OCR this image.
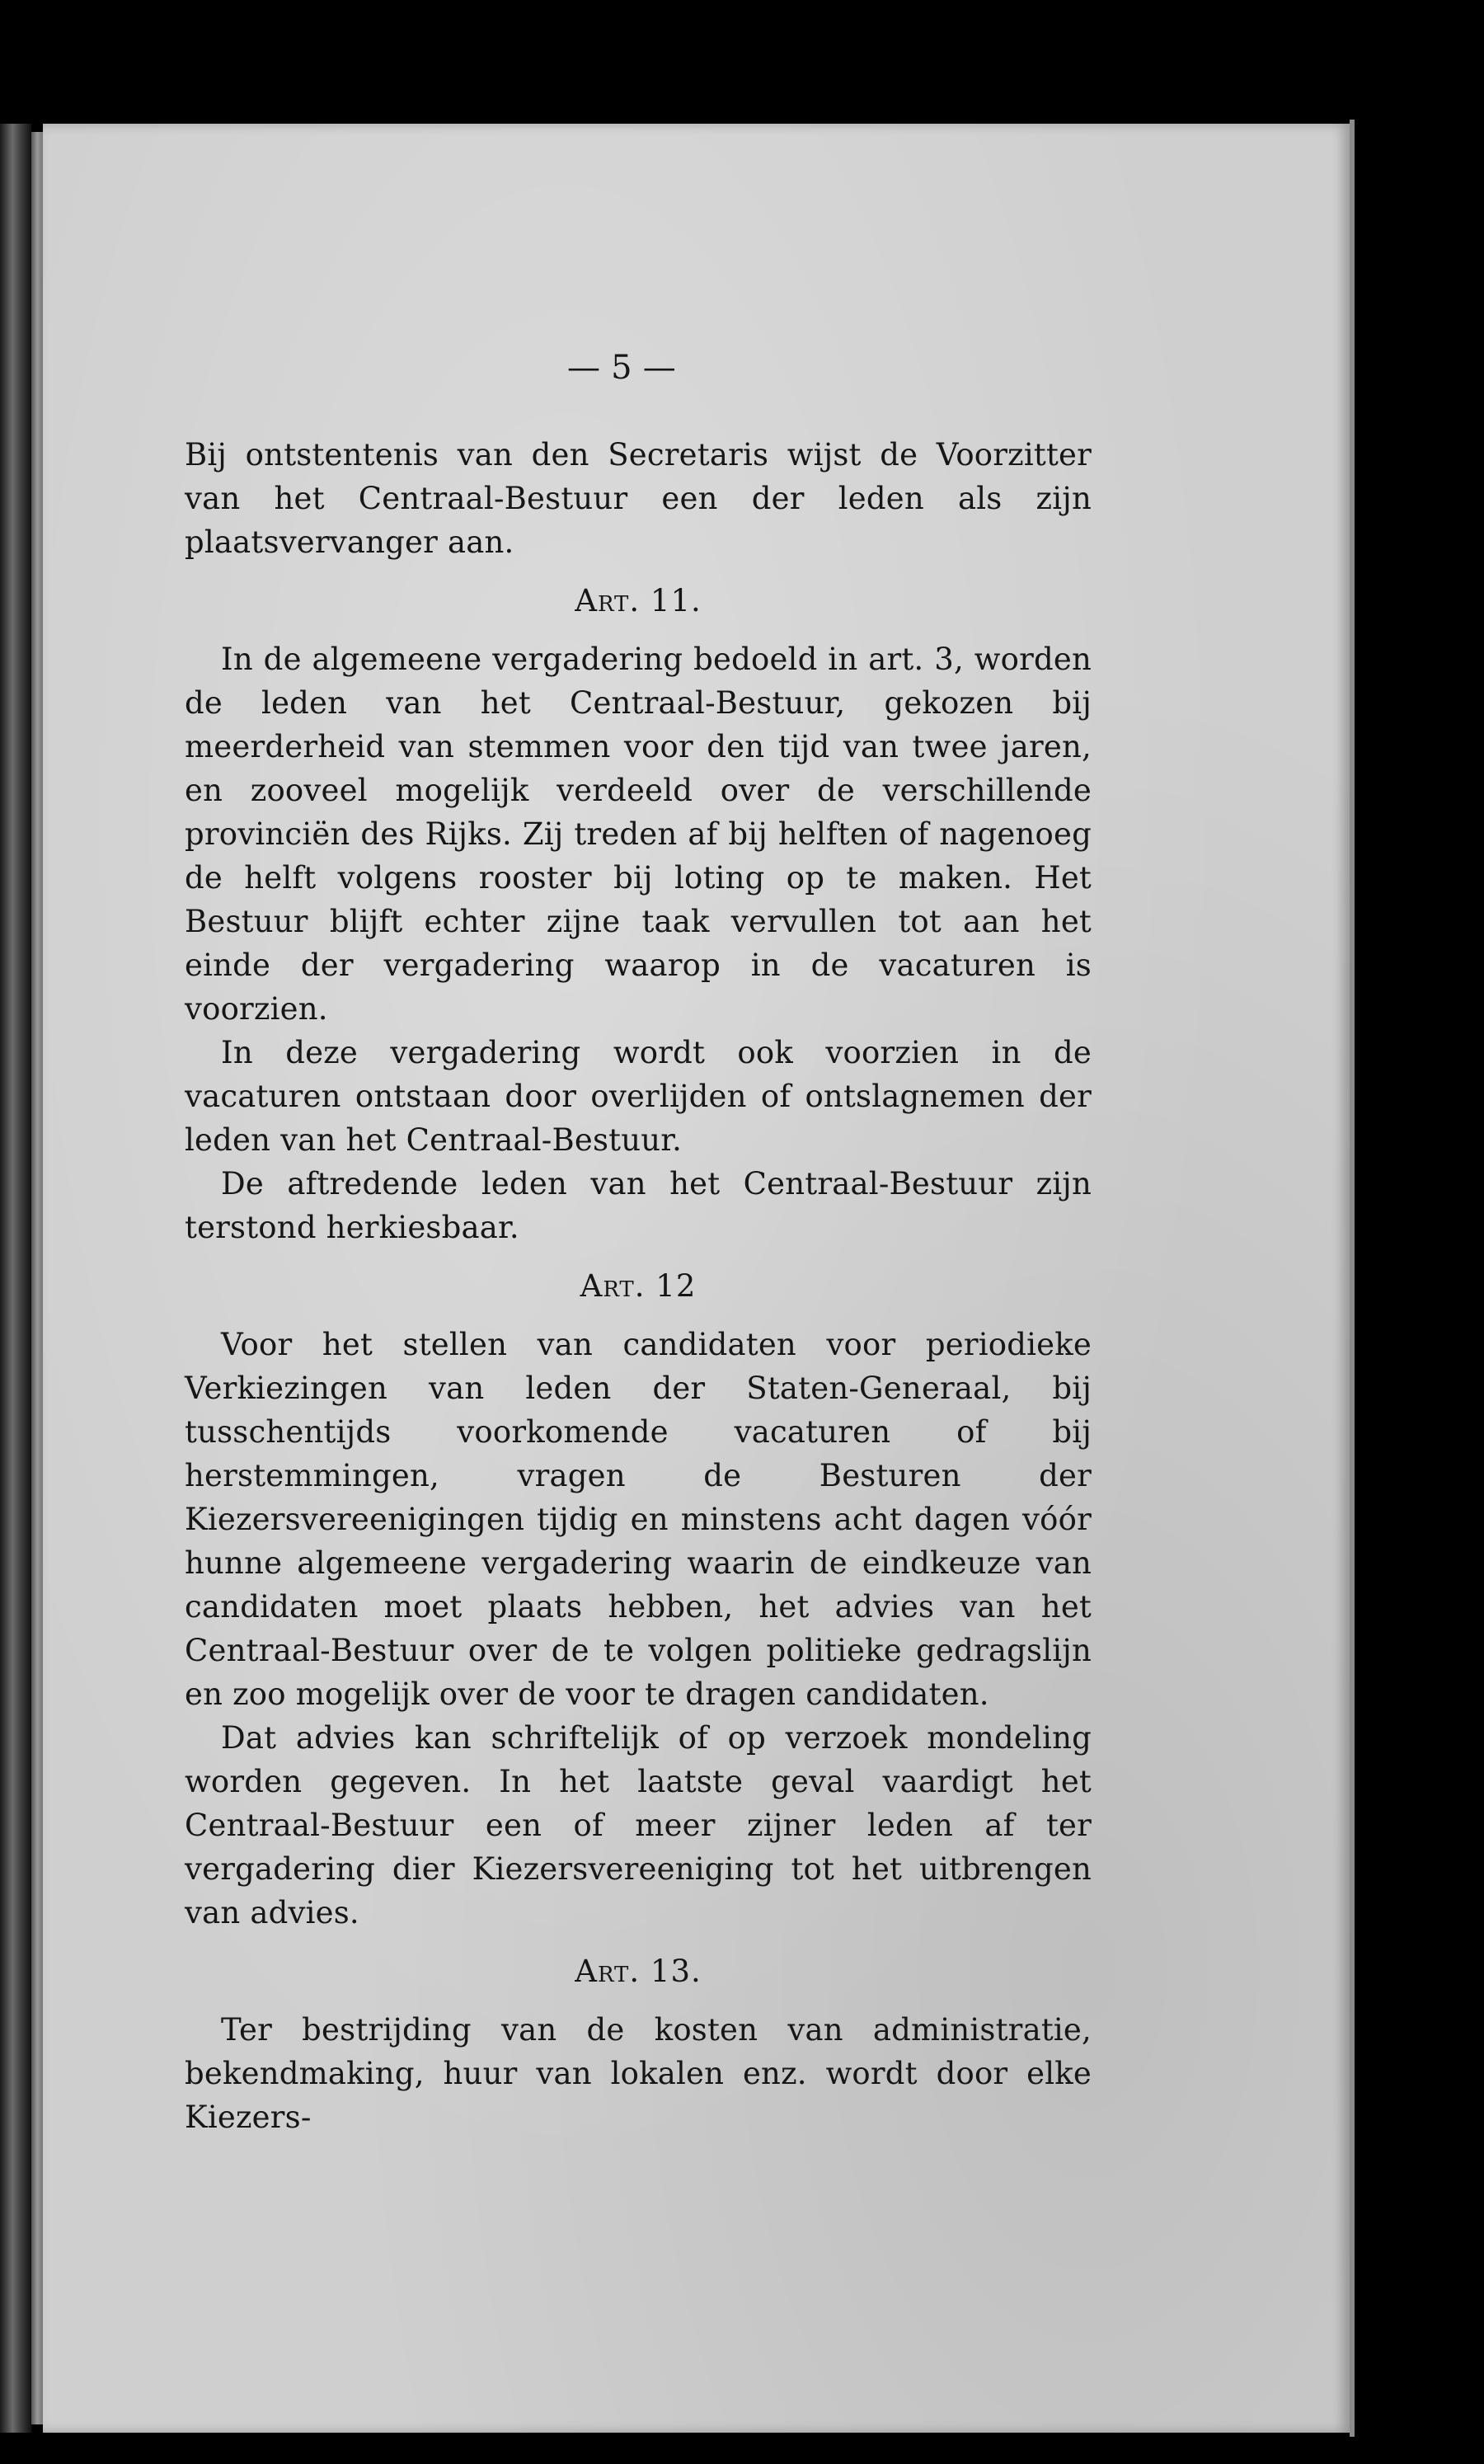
— 5 —

Bij ontstentenis van den Secretaris wijst de Voorzitter van het Centraal-Bestuur een der leden als zijn plaatsvervanger aan.

Art. 11.

In de algemeene vergadering bedoeld in art. 3, worden de leden van het Centraal-Bestuur, gekozen bij meerderheid van stemmen voor den tijd van twee jaren, en zooveel mogelijk verdeeld over de verschillende provinciën des Rijks. Zij treden af bij helften of nagenoeg de helft volgens rooster bij loting op te maken. Het Bestuur blijft echter zijne taak vervullen tot aan het einde der vergadering waarop in de vacaturen is voorzien.

In deze vergadering wordt ook voorzien in de vacaturen ontstaan door overlijden of ontslagnemen der leden van het Centraal-Bestuur.

De aftredende leden van het Centraal-Bestuur zijn terstond herkiesbaar.

Art. 12

Voor het stellen van candidaten voor periodieke Verkiezingen van leden der Staten-Generaal, bij tusschentijds voorkomende vacaturen of bij herstemmingen, vragen de Besturen der Kiezersvereenigingen tijdig en minstens acht dagen vóór hunne algemeene vergadering waarin de eindkeuze van candidaten moet plaats hebben, het advies van het Centraal-Bestuur over de te volgen politieke gedragslijn en zoo mogelijk over de voor te dragen candidaten.

Dat advies kan schriftelijk of op verzoek mondeling worden gegeven. In het laatste geval vaardigt het Centraal-Bestuur een of meer zijner leden af ter vergadering dier Kiezersvereeniging tot het uitbrengen van advies.

Art. 13.

Ter bestrijding van de kosten van administratie, bekendmaking, huur van lokalen enz. wordt door elke Kiezers-
